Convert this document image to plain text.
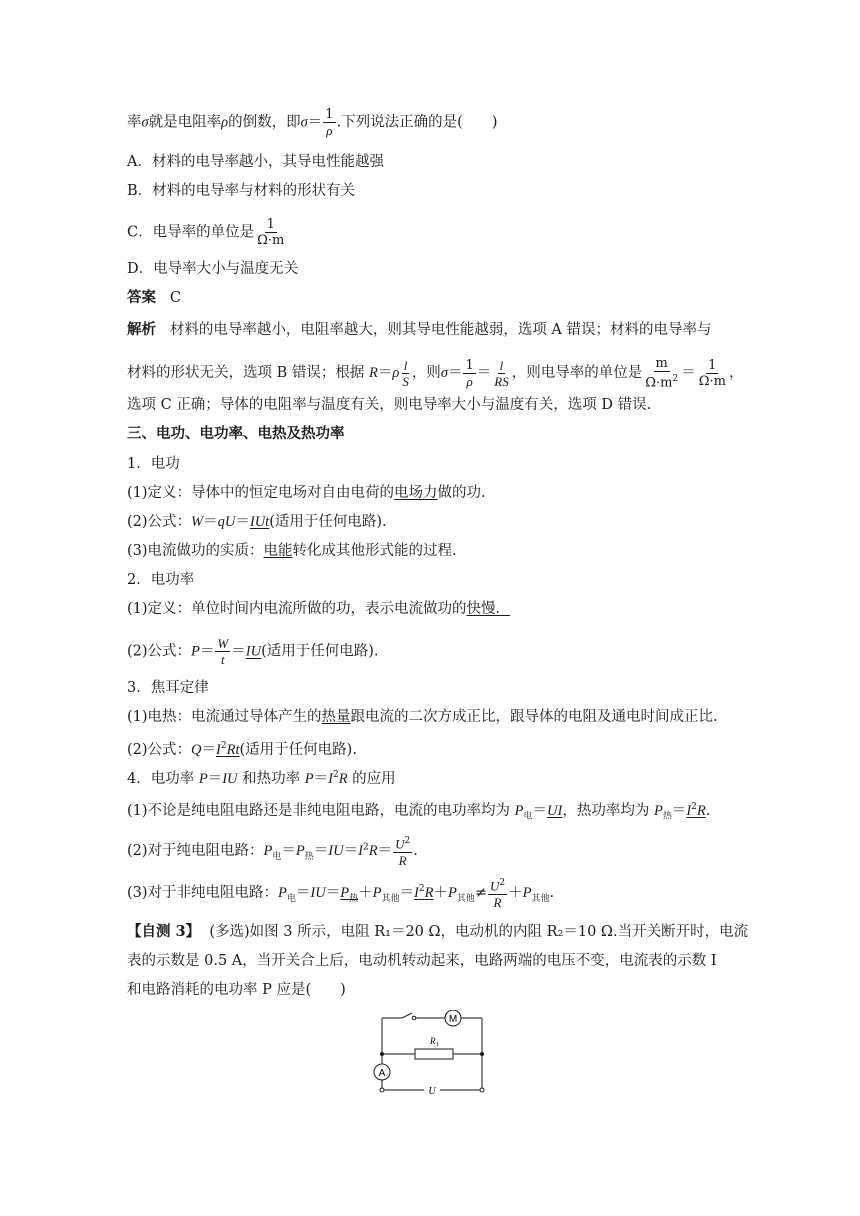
率σ就是电阻率ρ的倒数，即$\sigma= \frac{1}{\rho}$ .下列说法正确的是(　　)
A．材料的电导率越小，其导电性能越强
B．材料的电导率与材料的形状有关
C．电导率的单位是 $\frac{1}{\Omega\cdot m}$
D．电导率大小与温度无关
答案 C
解析 材料的电导率越小，电阻率越大，则其导电性能越弱，选项 A 错误；材料的电导率与
材料的形状无关，选项 B 错误；根据 $R=\rho \frac{l}{S}$ ，则$\sigma= \frac{1}{\rho} = \frac{l}{RS}$ ，则电导率的单位是 $\frac{m}{\Omega\cdot m^2} = \frac{1}{\Omega\cdot m}$ ，
选项 C 正确；导体的电阻率与温度有关，则电导率大小与温度有关，选项 D 错误.
三、电功、电功率、电热及热功率
1．电功
(1)定义：导体中的恒定电场对自由电荷的电场力做的功.
(2)公式：W＝qU＝IUt(适用于任何电路).
(3)电流做功的实质：电能转化成其他形式能的过程.
2．电功率
(1)定义：单位时间内电流所做的功，表示电流做功的快慢．
(2)公式：$P= \frac{W}{t} =IU$(适用于任何电路).
3．焦耳定律
(1)电热：电流通过导体产生的热量跟电流的二次方成正比，跟导体的电阻及通电时间成正比.
(2)公式：$Q=I^2Rt$(适用于任何电路).
4．电功率 P＝IU 和热功率 $P=I^2R$ 的应用
(1)不论是纯电阻电路还是非纯电阻电路，电流的电功率均为 $P_电=UI$，热功率均为 $P_热=I^2R$.
(2)对于纯电阻电路：$P_电=P_热=IU=I^2R= \frac{U^2}{R}$ .
(3)对于非纯电阻电路：$P_电=IU=P_热+P_{其他}=I^2R+P_{其他}\ne \frac{U^2}{R} +P_{其他}$.
【自测 3】 (多选)如图 3 所示，电阻 R₁＝20 Ω，电动机的内阻 R₂＝10 Ω.当开关断开时，电流
表的示数是 0.5 A，当开关合上后，电动机转动起来，电路两端的电压不变，电流表的示数 I
和电路消耗的电功率 P 应是(　　)
M
R 1
A
U
